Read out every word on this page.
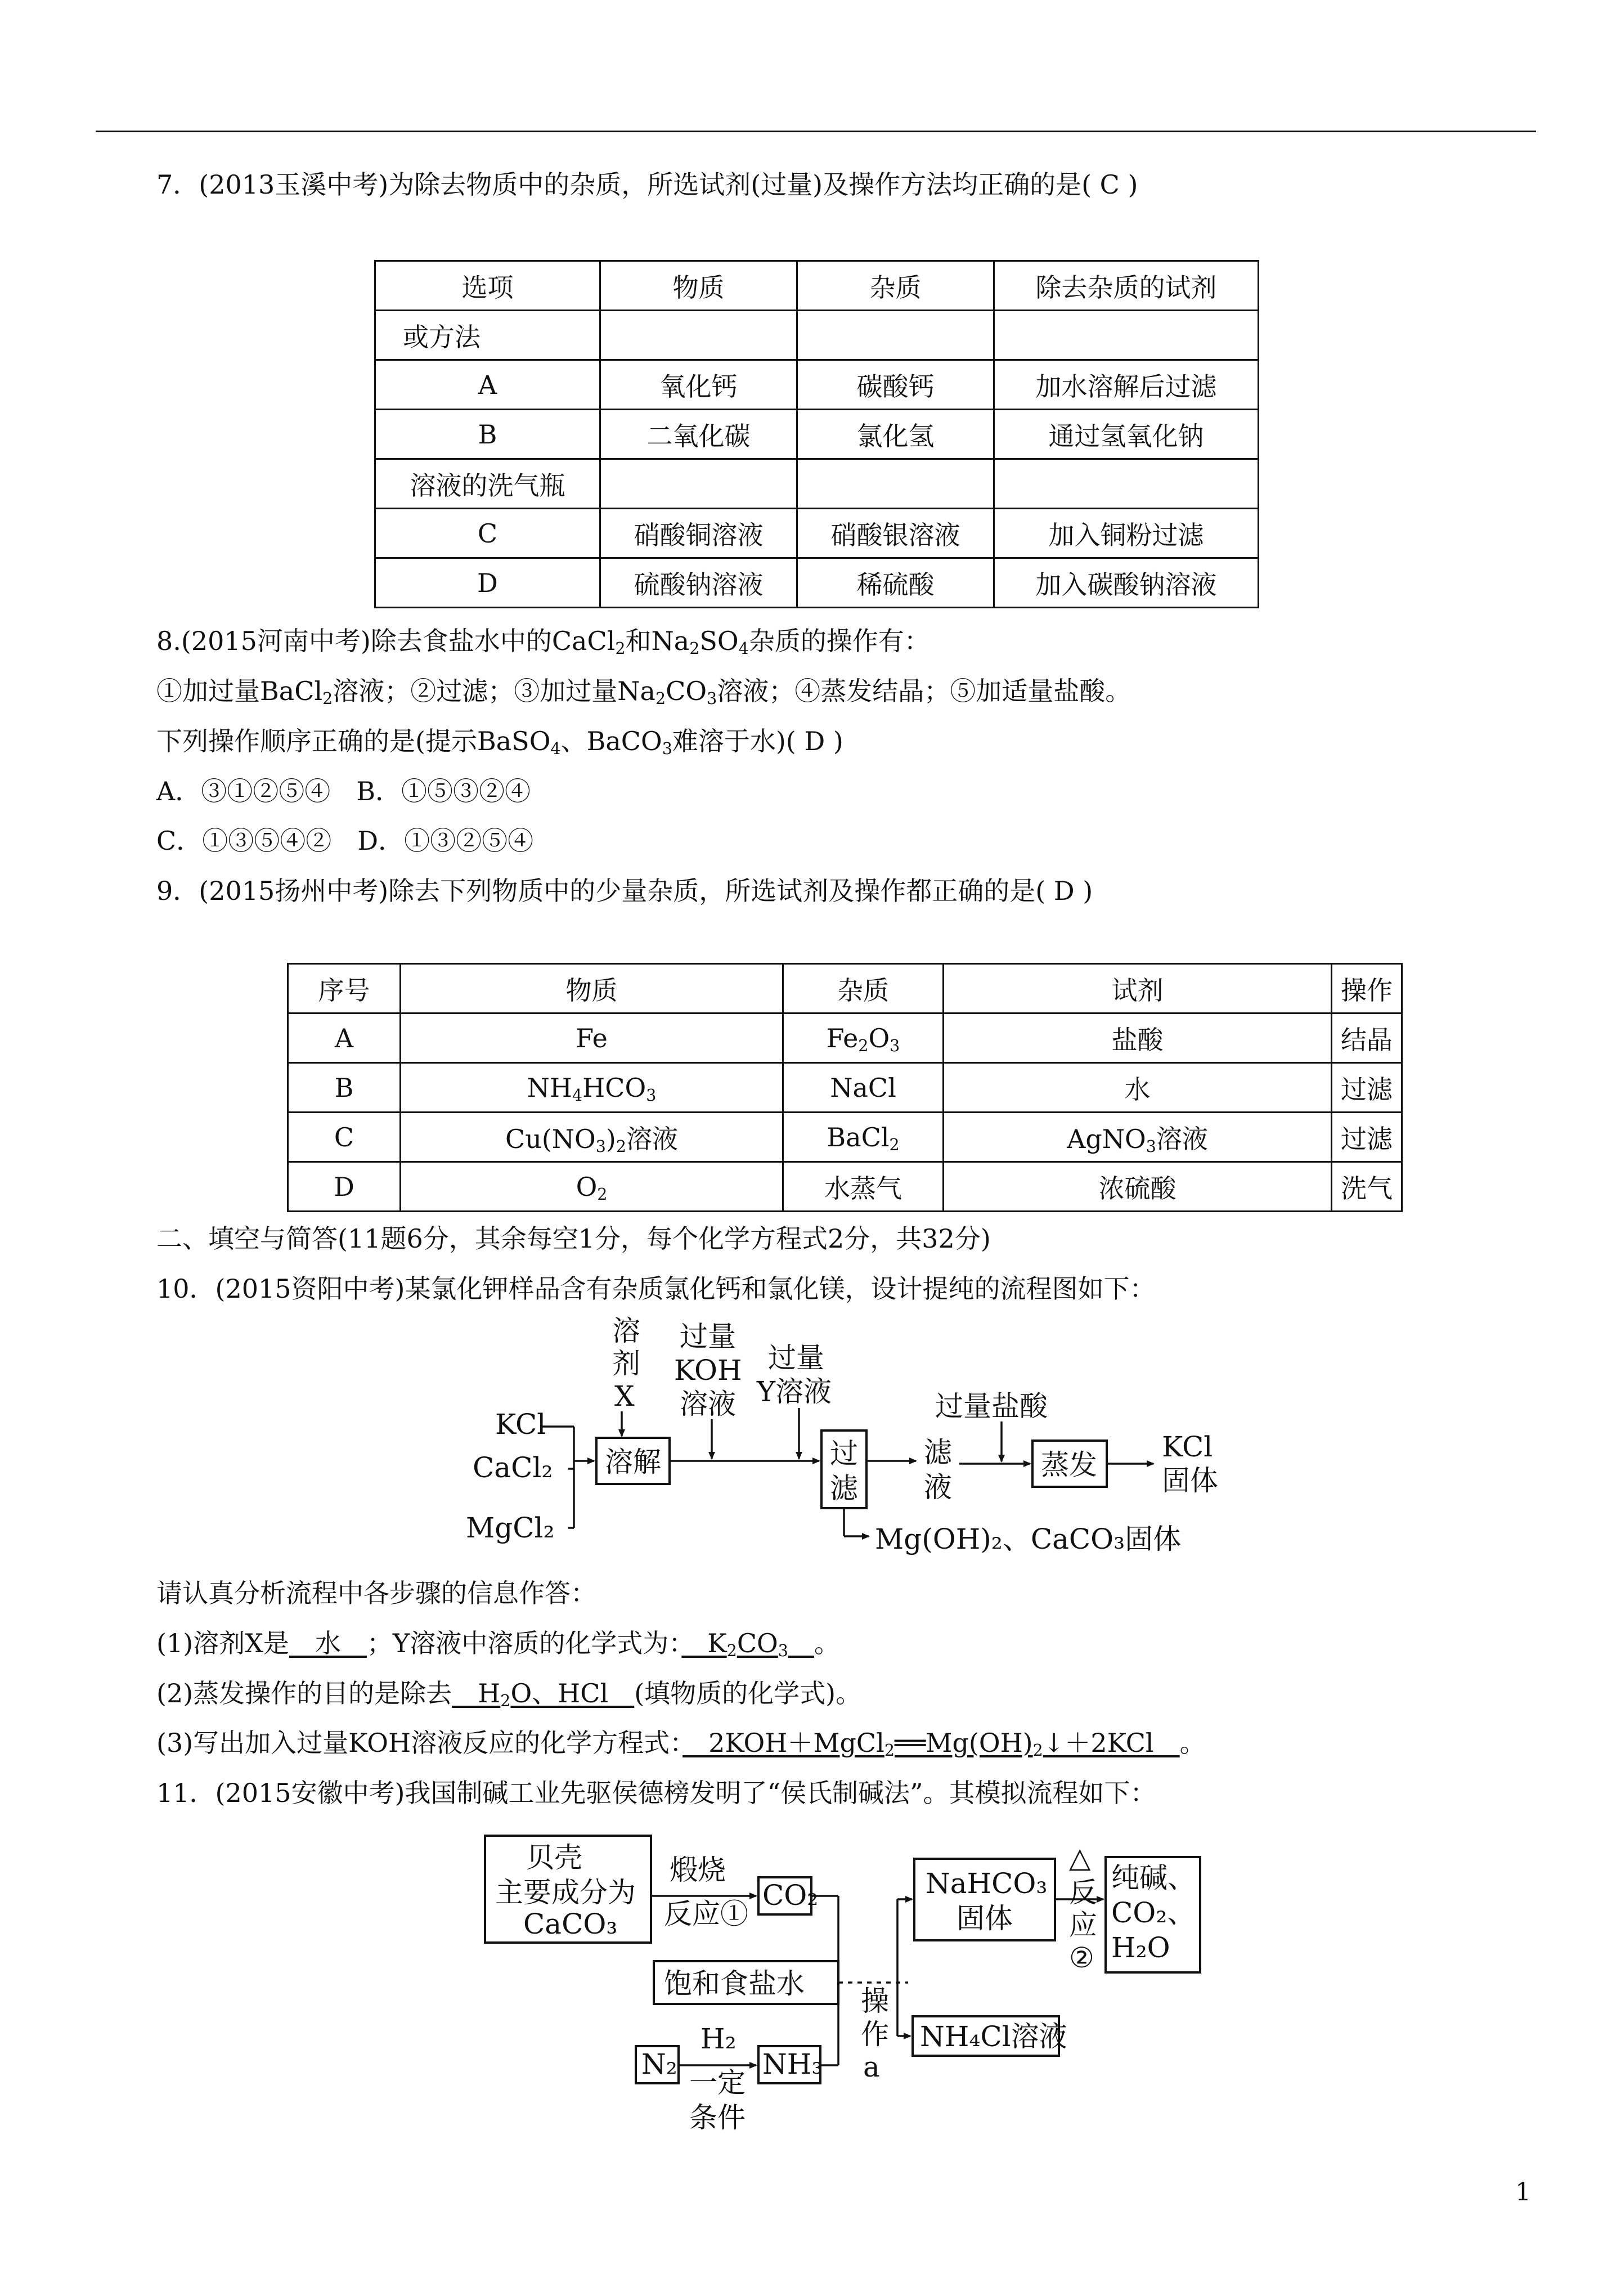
7．(2013玉溪中考)为除去物质中的杂质，所选试剂(过量)及操作方法均正确的是( C )
选项	物质	杂质	除去杂质的试剂
或方法			
A	氧化钙	碳酸钙	加水溶解后过滤
B	二氧化碳	氯化氢	通过氢氧化钠
溶液的洗气瓶			
C	硝酸铜溶液	硝酸银溶液	加入铜粉过滤
D	硫酸钠溶液	稀硫酸	加入碳酸钠溶液
8.(2015河南中考)除去食盐水中的CaCl$_2$和$Na_2SO_4$杂质的操作有：
①加过量BaCl$_2$溶液；②过滤；③加过量$Na_2CO_3$溶液；④蒸发结晶；⑤加适量盐酸。
下列操作顺序正确的是(提示BaSO$_4$、BaCO$_3$难溶于水)( D )
A．③①②⑤④　B．①⑤③②④
C．①③⑤④②　D．①③②⑤④
9．(2015扬州中考)除去下列物质中的少量杂质，所选试剂及操作都正确的是( D )
序号	物质	杂质	试剂	操作
A	Fe	$Fe_2O_3$	盐酸	结晶
B	$NH_4HCO_3$	NaCl	水	过滤
C	$Cu(NO_3)_2$溶液	BaCl$_2$	AgNO$_3$溶液	过滤
D	$O_2$	水蒸气	浓硫酸	洗气
二、填空与简答(11题6分，其余每空1分，每个化学方程式2分，共32分)
10．(2015资阳中考)某氯化钾样品含有杂质氯化钙和氯化镁，设计提纯的流程图如下：
KCl
CaCl₂
MgCl₂
溶
剂
X
过量
KOH
溶液
过量
Y溶液
溶解	过
滤
滤
液
过量盐酸
蒸发
KCl
固体
Mg(OH)₂、CaCO₃固体
请认真分析流程中各步骤的信息作答：
(1)溶剂X是　水　；Y溶液中溶质的化学式为：　$K_2CO_3$　 。
(2)蒸发操作的目的是除去　$H_2O$、HCl　(填物质的化学式)。
(3)写出加入过量KOH溶液反应的化学方程式：　$2KOH+MgCl_2══Mg(OH)_2↓+2KCl$　。
11．(2015安徽中考)我国制碱工业先驱侯德榜发明了“侯氏制碱法”。其模拟流程如下：
贝壳
主要成分为
CaCO₃
煅烧
反应①
CO₂
饱和食盐水
N₂
H₂
一定
条件
NH₃
操
作
a
NaHCO₃
固体
NH₄Cl溶液
△
反
应
②
纯碱、
CO₂、
H₂O
1
